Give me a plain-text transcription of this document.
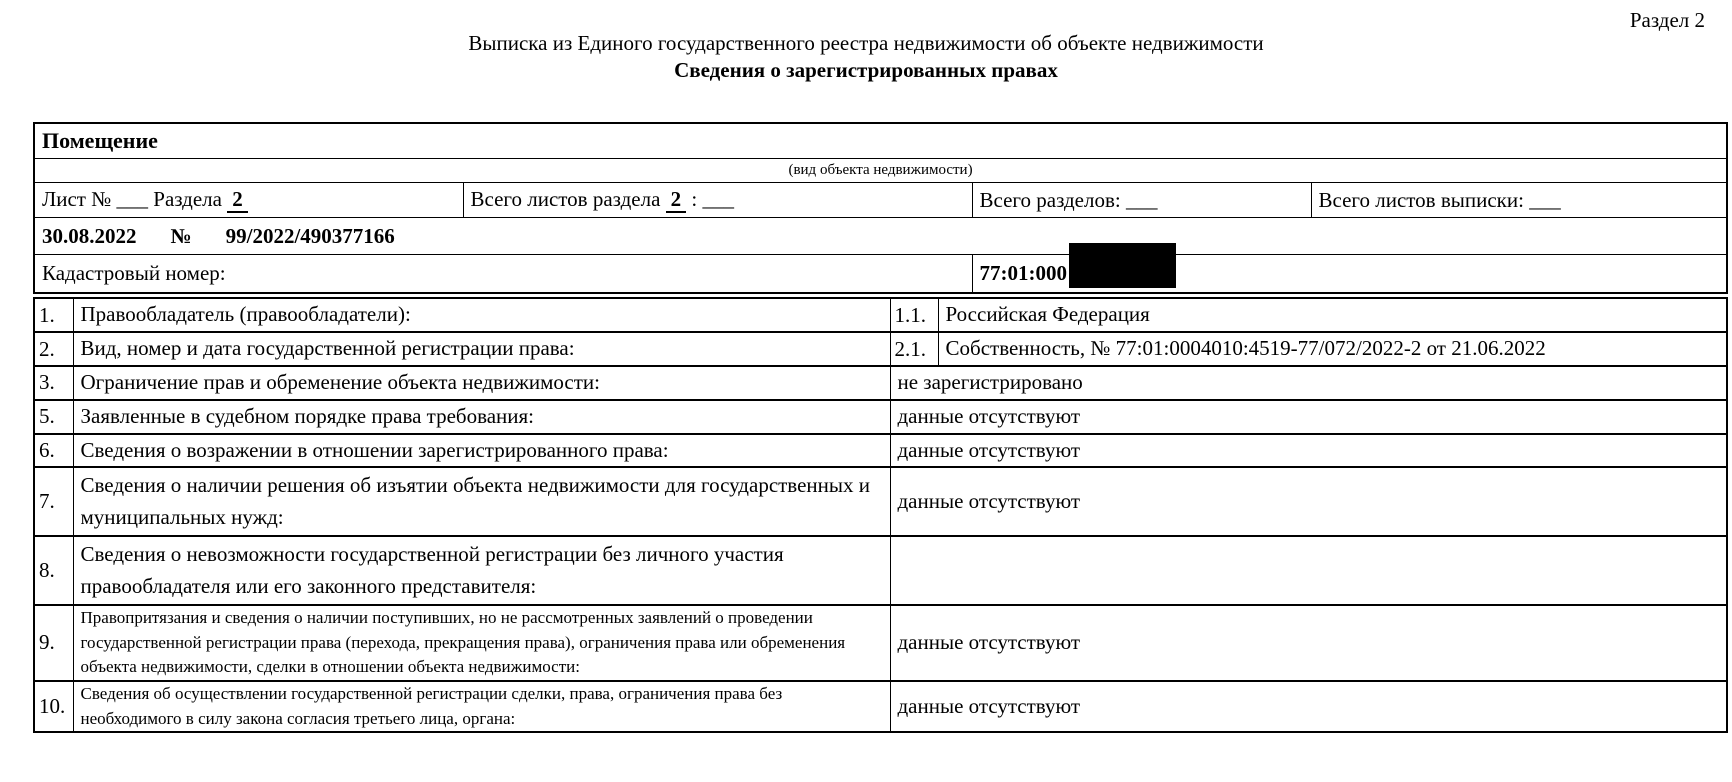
Раздел 2
Выписка из Единого государственного реестра недвижимости об объекте недвижимости
Сведения о зарегистрированных правах
Помещение			
(вид объекта недвижимости)			
Лист № ___ Раздела 2	Всего листов раздела 2 : ___	Всего разделов: ___	Всего листов выписки: ___
30.08.2022 № 99/2022/490377166			
Кадастровый номер:		77:01:000	
1.	Правообладатель (правообладатели):	1.1.	Российская Федерация
2.	Вид, номер и дата государственной регистрации права:	2.1.	Собственность, № 77:01:0004010:4519-77/072/2022-2 от 21.06.2022
3.	Ограничение прав и обременение объекта недвижимости:	не зарегистрировано	
5.	Заявленные в судебном порядке права требования:	данные отсутствуют	
6.	Сведения о возражении в отношении зарегистрированного права:	данные отсутствуют	
7.	Сведения о наличии решения об изъятии объекта недвижимости для государственных и муниципальных нужд:	данные отсутствуют	
8.	Сведения о невозможности государственной регистрации без личного участия правообладателя или его законного представителя:		
9.	Правопритязания и сведения о наличии поступивших, но не рассмотренных заявлений о проведении государственной регистрации права (перехода, прекращения права), ограничения права или обременения объекта недвижимости, сделки в отношении объекта недвижимости:	данные отсутствуют	
10.	Сведения об осуществлении государственной регистрации сделки, права, ограничения права без необходимого в силу закона согласия третьего лица, органа:	данные отсутствуют	
